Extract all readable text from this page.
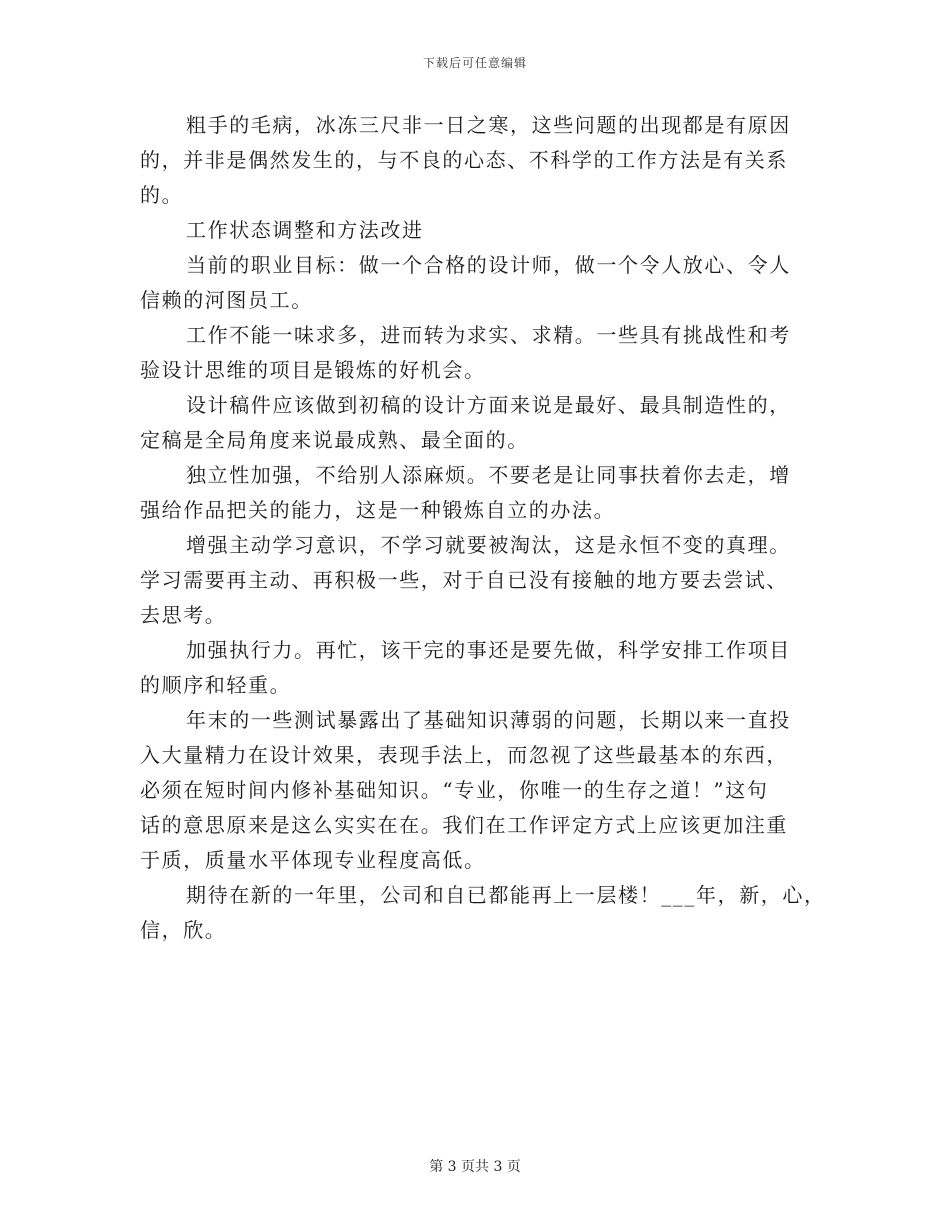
下载后可任意编辑
粗手的毛病，冰冻三尺非一日之寒，这些问题的出现都是有原因
的，并非是偶然发生的，与不良的心态、不科学的工作方法是有关系
的。
工作状态调整和方法改进
当前的职业目标：做一个合格的设计师，做一个令人放心、令人
信赖的河图员工。
工作不能一味求多，进而转为求实、求精。一些具有挑战性和考
验设计思维的项目是锻炼的好机会。
设计稿件应该做到初稿的设计方面来说是最好、最具制造性的，
定稿是全局角度来说最成熟、最全面的。
独立性加强，不给别人添麻烦。不要老是让同事扶着你去走，增
强给作品把关的能力，这是一种锻炼自立的办法。
增强主动学习意识，不学习就要被淘汰，这是永恒不变的真理。
学习需要再主动、再积极一些，对于自已没有接触的地方要去尝试、
去思考。
加强执行力。再忙，该干完的事还是要先做，科学安排工作项目
的顺序和轻重。
年末的一些测试暴露出了基础知识薄弱的问题，长期以来一直投
入大量精力在设计效果，表现手法上，而忽视了这些最基本的东西，
必须在短时间内修补基础知识。“专业，你唯一的生存之道！”这句
话的意思原来是这么实实在在。我们在工作评定方式上应该更加注重
于质，质量水平体现专业程度高低。
期待在新的一年里，公司和自已都能再上一层楼！___年，新，心，
信，欣。
第 3 页共 3 页
